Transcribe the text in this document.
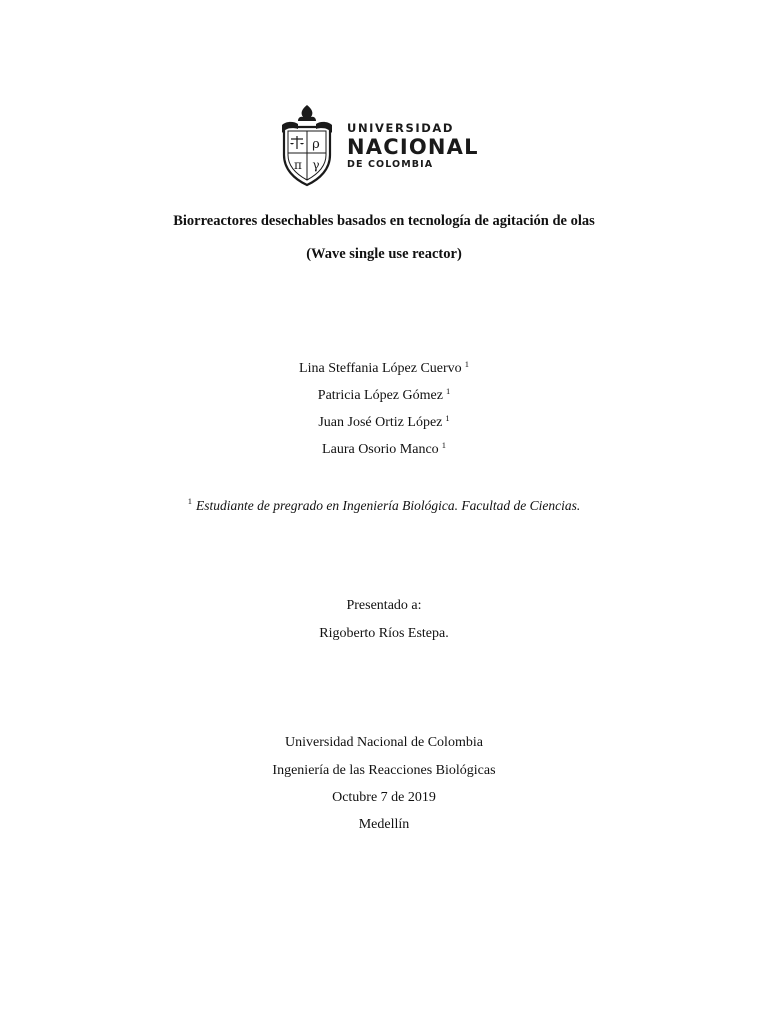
ρ
π γ
UNIVERSIDAD
NACIONAL
DE COLOMBIA
Biorreactores desechables basados en tecnología de agitación de olas
(Wave single use reactor)
Lina Steffania López Cuervo $^1$
Patricia López Gómez $^1$
Juan José Ortiz López $^1$
Laura Osorio Manco $^1$
$^1$ Estudiante de pregrado en Ingeniería Biológica. Facultad de Ciencias.
Presentado a:
Rigoberto Ríos Estepa.
Universidad Nacional de Colombia
Ingeniería de las Reacciones Biológicas
Octubre 7 de 2019
Medellín
